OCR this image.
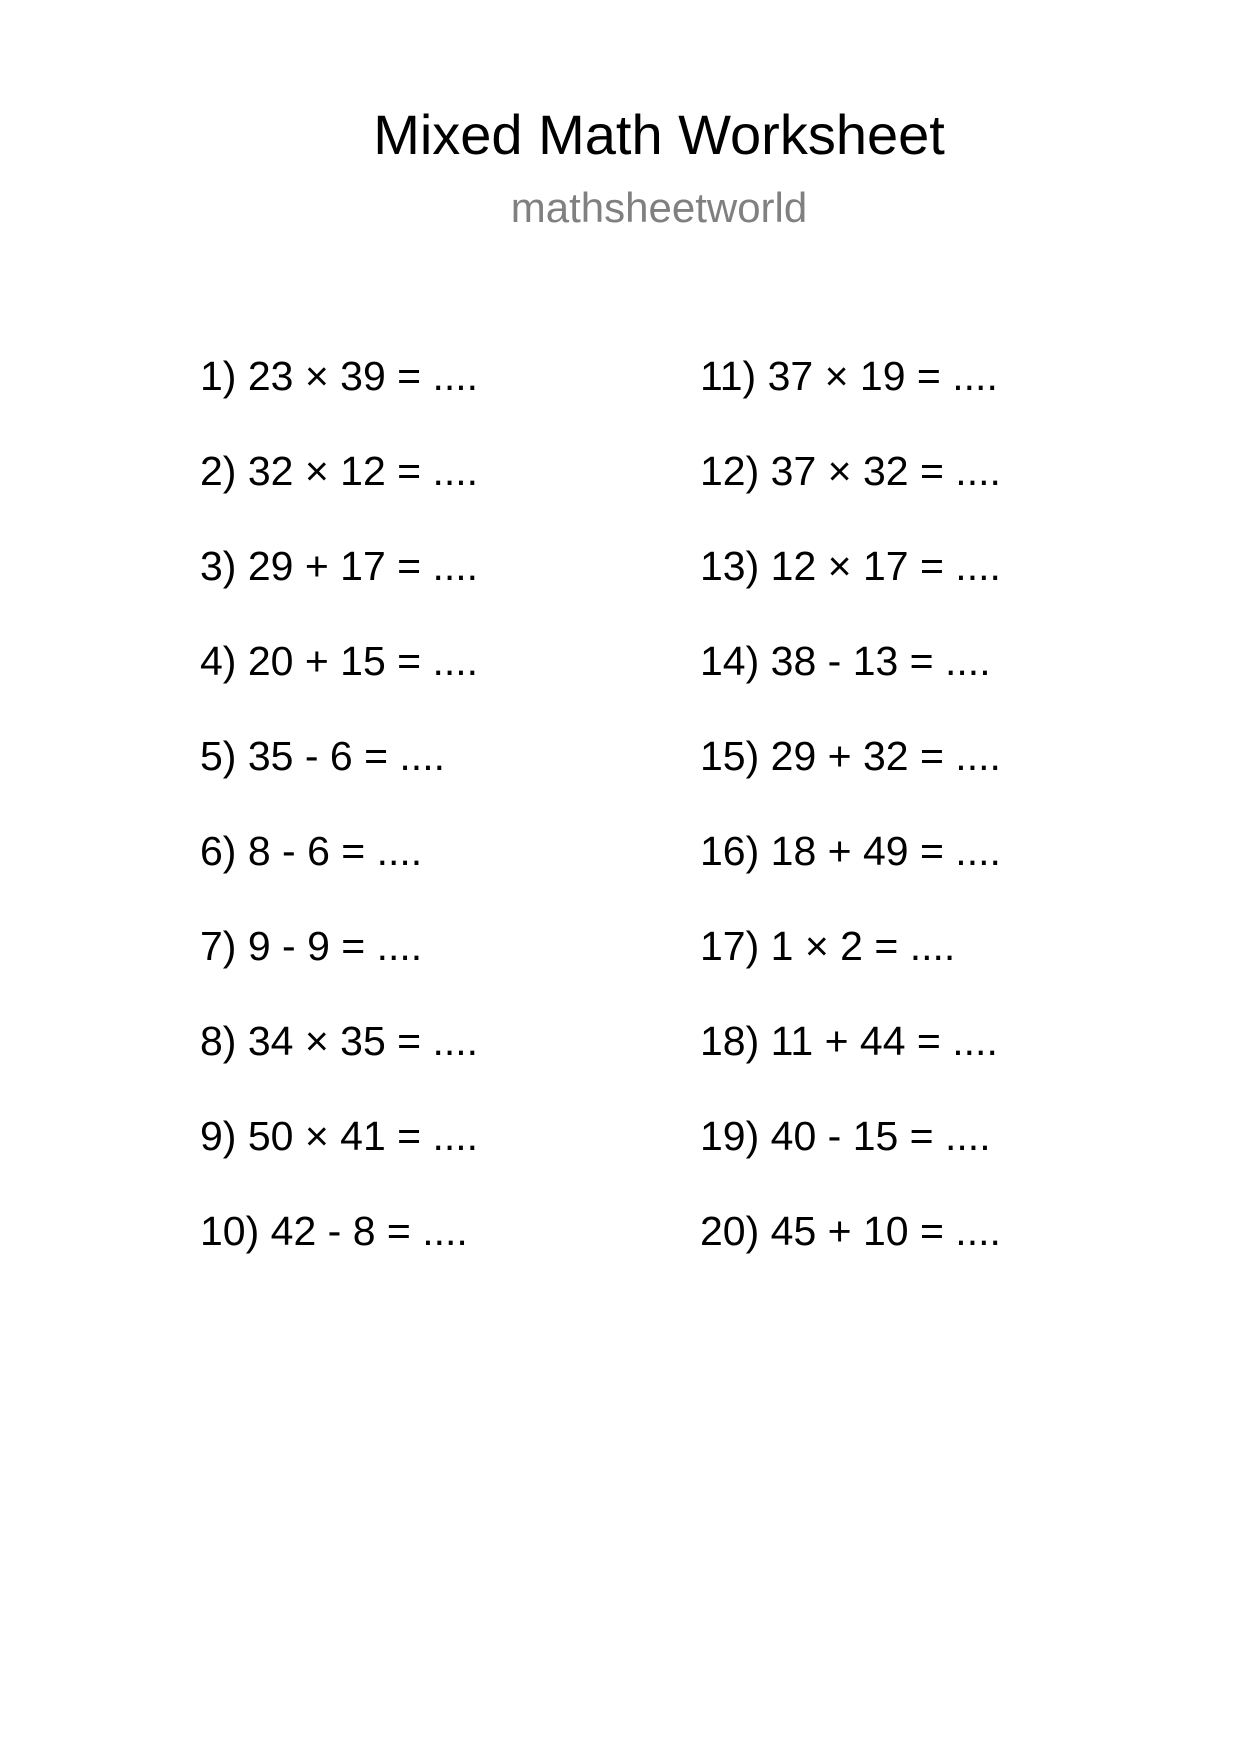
Mixed Math Worksheet
mathsheetworld
1) 23 × 39 = ....
2) 32 × 12 = ....
3) 29 + 17 = ....
4) 20 + 15 = ....
5) 35 - 6 = ....
6) 8 - 6 = ....
7) 9 - 9 = ....
8) 34 × 35 = ....
9) 50 × 41 = ....
10) 42 - 8 = ....
11) 37 × 19 = ....
12) 37 × 32 = ....
13) 12 × 17 = ....
14) 38 - 13 = ....
15) 29 + 32 = ....
16) 18 + 49 = ....
17) 1 × 2 = ....
18) 11 + 44 = ....
19) 40 - 15 = ....
20) 45 + 10 = ....
